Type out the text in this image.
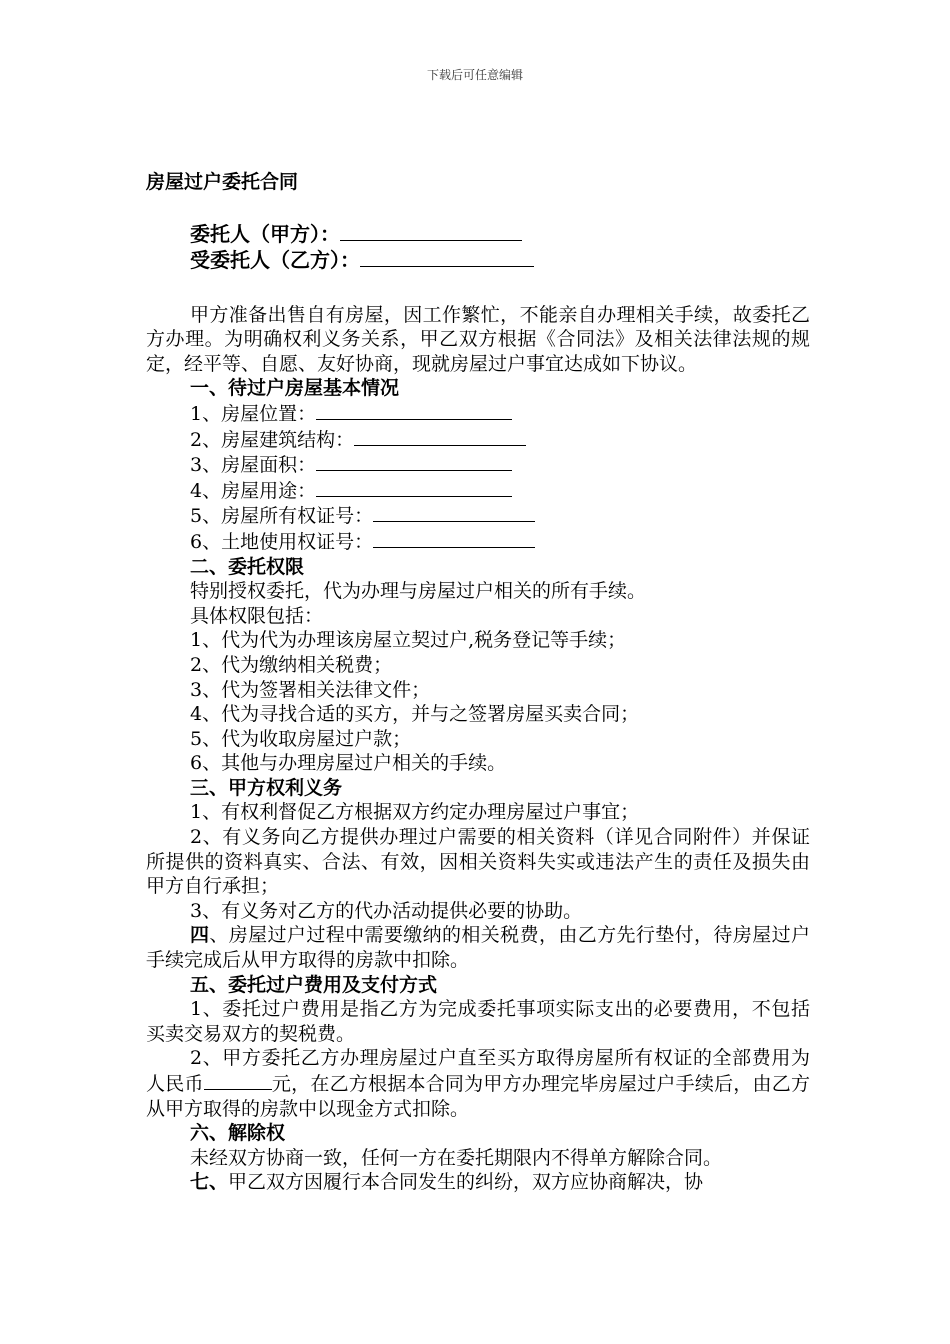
下载后可任意编辑
房屋过户委托合同
委托人（甲方）：
受委托人（乙方）：
甲方准备出售自有房屋，因工作繁忙，不能亲自办理相关手续，故委托乙方办理。为明确权利义务关系，甲乙双方根据《合同法》及相关法律法规的规定，经平等、自愿、友好协商，现就房屋过户事宜达成如下协议。
一、待过户房屋基本情况
1、房屋位置：
2、房屋建筑结构：
3、房屋面积：
4、房屋用途：
5、房屋所有权证号：
6、土地使用权证号：
二、委托权限
特别授权委托，代为办理与房屋过户相关的所有手续。
具体权限包括：
1、代为代为办理该房屋立契过户,税务登记等手续；
2、代为缴纳相关税费；
3、代为签署相关法律文件；
4、代为寻找合适的买方，并与之签署房屋买卖合同；
5、代为收取房屋过户款；
6、其他与办理房屋过户相关的手续。
三、甲方权利义务
1、有权利督促乙方根据双方约定办理房屋过户事宜；
2、有义务向乙方提供办理过户需要的相关资料（详见合同附件）并保证所提供的资料真实、合法、有效，因相关资料失实或违法产生的责任及损失由甲方自行承担；
3、有义务对乙方的代办活动提供必要的协助。
四、房屋过户过程中需要缴纳的相关税费，由乙方先行垫付，待房屋过户手续完成后从甲方取得的房款中扣除。
五、委托过户费用及支付方式
1、委托过户费用是指乙方为完成委托事项实际支出的必要费用，不包括买卖交易双方的契税费。
2、甲方委托乙方办理房屋过户直至买方取得房屋所有权证的全部费用为人民币	元，在乙方根据本合同为甲方办理完毕房屋过户手续后，由乙方从甲方取得的房款中以现金方式扣除。
六、解除权
未经双方协商一致，任何一方在委托期限内不得单方解除合同。
七、甲乙双方因履行本合同发生的纠纷，双方应协商解决，协
